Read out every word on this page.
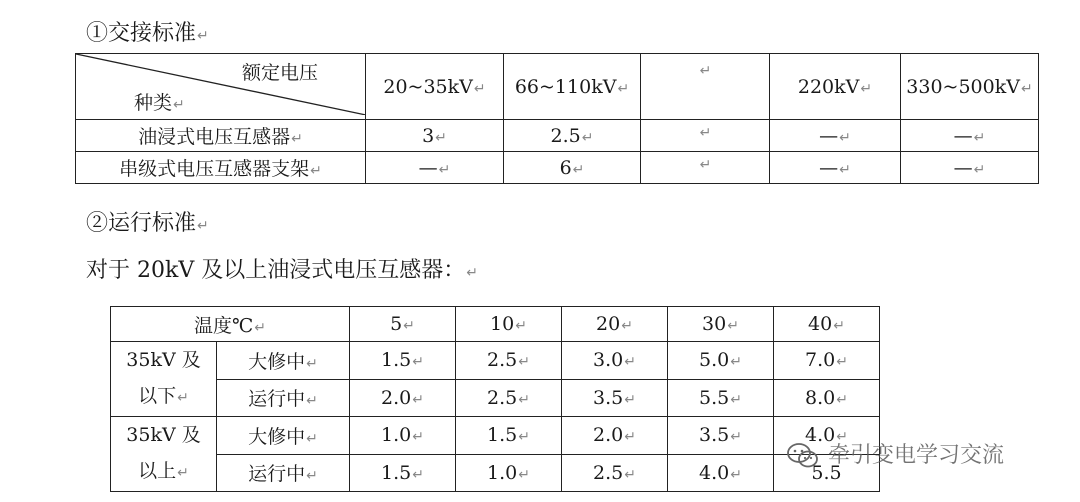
①交接标准↵
额定电压
种类↵	20~35kV↵	66~110kV↵	↵	220kV↵	330~500kV↵
油浸式电压互感器↵	3↵	2.5↵	↵	—↵	—↵
串级式电压互感器支架↵	—↵	6↵	↵	—↵	—↵
②运行标准↵
对于 20kV 及以上油浸式电压互感器：↵
温度℃↵		5↵	10↵	20↵	30↵	40↵

35kV 及
以下↵	大修中↵	1.5↵	2.5↵	3.0↵	5.0↵	7.0↵
	运行中↵	2.0↵	2.5↵	3.5↵	5.5↵	8.0↵

35kV 及
以上↵	大修中↵	1.0↵	1.5↵	2.0↵	3.5↵	4.0↵
	运行中↵	1.5↵	1.0↵	2.5↵	4.0↵	5.5
牵引变电学习交流
